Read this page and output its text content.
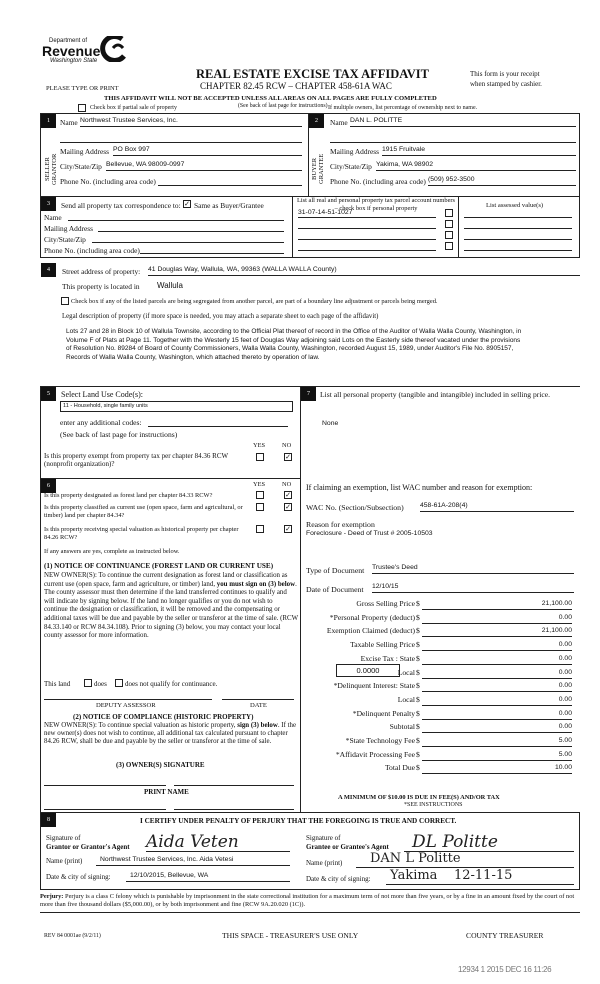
Department of
Revenue
Washington State
REAL ESTATE EXCISE TAX AFFIDAVIT
CHAPTER 82.45 RCW – CHAPTER 458-61A WAC
PLEASE TYPE OR PRINT
This form is your receipt
when stamped by cashier.
THIS AFFIDAVIT WILL NOT BE ACCEPTED UNLESS ALL AREAS ON ALL PAGES ARE FULLY COMPLETED
(See back of last page for instructions)
Check box if partial sale of property	If multiple owners, list percentage of ownership next to name.
1
SELLER GRANTOR
Name Northwest Trustee Services, Inc.
Mailing Address PO Box 997
City/State/Zip Bellevue, WA 98009-0997
Phone No. (including area code)
2
BUYER GRANTEE
Name DAN L. POLITTE
Mailing Address 1915 Fruitvale
City/State/Zip Yakima, WA 98902
Phone No. (including area code) (509) 952-3500
3	Send all property tax correspondence to: ✓ Same as Buyer/Grantee
Name
Mailing Address
City/State/Zip
Phone No. (including area code)
List all real and personal property tax parcel account numbers – check box if personal property	List assessed value(s)
31-07-14-51-1027
4	Street address of property: 41 Douglas Way, Wallula, WA, 99363 (WALLA WALLA County)
This property is located in Wallula
Check box if any of the listed parcels are being segregated from another parcel, are part of a boundary line adjustment or parcels being merged.
Legal description of property (if more space is needed, you may attach a separate sheet to each page of the affidavit)
Lots 27 and 28 in Block 10 of Wallula Townsite, according to the Official Plat thereof of record in the Office of the Auditor of Walla Walla County, Washington, in Volume F of Plats at Page 11. Together with the Westerly 15 feet of Douglas Way adjoining said Lots on the Easterly side thereof vacated under the provisions of Resolution No. 89284 of Board of County Commissioners, Walla Walla County, Washington, recorded August 15, 1989, under Auditor's File No. 8905157, Records of Walla Walla County, Washington, which attached thereto by operation of law.
5	Select Land Use Code(s):
11 - Household, single family units
enter any additional codes:
(See back of last page for instructions)
YES	NO
Is this property exempt from property tax per chapter 84.36 RCW (nonprofit organization)?
✓
7	List all personal property (tangible and intangible) included in selling price.
None
6	YES	NO
Is this property designated as forest land per chapter 84.33 RCW?	✓
Is this property classified as current use (open space, farm and agricultural, or timber) land per chapter 84.34?
✓
Is this property receiving special valuation as historical property per chapter 84.26 RCW?
✓
If any answers are yes, complete as instructed below.
(1) NOTICE OF CONTINUANCE (FOREST LAND OR CURRENT USE)
NEW OWNER(S): To continue the current designation as forest land or classification as current use (open space, farm and agriculture, or timber) land, you must sign on (3) below. The county assessor must then determine if the land transferred continues to qualify and will indicate by signing below. If the land no longer qualifies or you do not wish to continue the designation or classification, it will be removed and the compensating or additional taxes will be due and payable by the seller or transferor at the time of sale. (RCW 84.33.140 or RCW 84.34.108). Prior to signing (3) below, you may contact your local county assessor for more information.
This land	does	does not qualify for continuance.
DEPUTY ASSESSOR	DATE
(2) NOTICE OF COMPLIANCE (HISTORIC PROPERTY)
NEW OWNER(S): To continue special valuation as historic property, sign (3) below. If the new owner(s) does not wish to continue, all additional tax calculated pursuant to chapter 84.26 RCW, shall be due and payable by the seller or transferor at the time of sale.
(3) OWNER(S) SIGNATURE
PRINT NAME
If claiming an exemption, list WAC number and reason for exemption:
WAC No. (Section/Subsection) 458-61A-208(4)
Reason for exemption
Foreclosure - Deed of Trust # 2005-10503
Type of Document Trustee's Deed
Date of Document 12/10/15
Gross Selling Price $	21,100.00
*Personal Property (deduct) $	0.00
Exemption Claimed (deduct) $	21,100.00
Taxable Selling Price $	0.00
Excise Tax : State $	0.00
Local $	0.00
*Delinquent Interest: State $	0.00
Local $	0.00
*Delinquent Penalty $	0.00
Subtotal $	0.00
*State Technology Fee $	5.00
*Affidavit Processing Fee $	5.00
Total Due $	10.00
0.0000
A MINIMUM OF $10.00 IS DUE IN FEE(S) AND/OR TAX
*SEE INSTRUCTIONS
8	I CERTIFY UNDER PENALTY OF PERJURY THAT THE FOREGOING IS TRUE AND CORRECT.
Signature of
Grantor or Grantor's Agent Aida Veten
Name (print)	Northwest Trustee Services, Inc. Aida Vetesi
Date & city of signing:	12/10/2015, Bellevue, WA
Signature of
Grantee or Grantee's Agent	DL Politte
Name (print)	DAN L Politte
Date & city of signing:	Yakima    12-11-15
Perjury: Perjury is a class C felony which is punishable by imprisonment in the state correctional institution for a maximum term of not more than five years, or by a fine in an amount fixed by the court of not more than five thousand dollars ($5,000.00), or by both imprisonment and fine (RCW 9A.20.020 (1C)).
REV 84 0001ae (9/2/11)	THIS SPACE - TREASURER'S USE ONLY	COUNTY TREASURER
12934 1 2015 DEC 16 11:26
